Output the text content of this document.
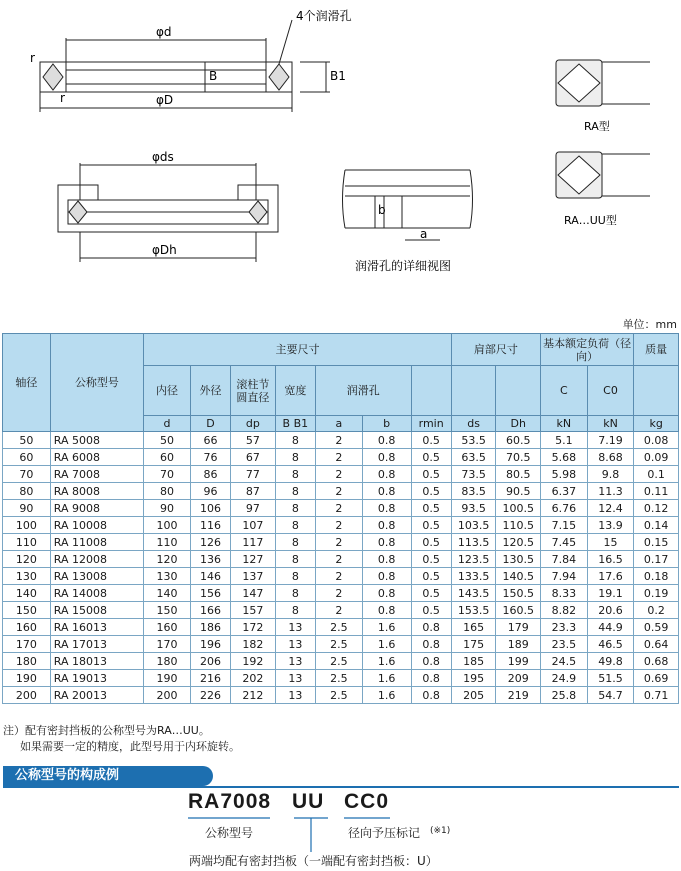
φd
4个润滑孔
r
r
B	B1
φD
φds
φDh
b
a
润滑孔的详细视图
RA型
RA…UU型
单位：mm
轴径	公称型号	主要尺寸							肩部尺寸		基本额定负荷（径向）		质量
		内径	外径	滚柱节圆直径	宽度	润滑孔					C	C0	
		d	D	dp	B B1	a	b	rmin	ds	Dh	kN	kN	kg
50	RA 5008	50	66	57	8	2	0.8	0.5	53.5	60.5	5.1	7.19	0.08
60	RA 6008	60	76	67	8	2	0.8	0.5	63.5	70.5	5.68	8.68	0.09
70	RA 7008	70	86	77	8	2	0.8	0.5	73.5	80.5	5.98	9.8	0.1
80	RA 8008	80	96	87	8	2	0.8	0.5	83.5	90.5	6.37	11.3	0.11
90	RA 9008	90	106	97	8	2	0.8	0.5	93.5	100.5	6.76	12.4	0.12
100	RA 10008	100	116	107	8	2	0.8	0.5	103.5	110.5	7.15	13.9	0.14
110	RA 11008	110	126	117	8	2	0.8	0.5	113.5	120.5	7.45	15	0.15
120	RA 12008	120	136	127	8	2	0.8	0.5	123.5	130.5	7.84	16.5	0.17
130	RA 13008	130	146	137	8	2	0.8	0.5	133.5	140.5	7.94	17.6	0.18
140	RA 14008	140	156	147	8	2	0.8	0.5	143.5	150.5	8.33	19.1	0.19
150	RA 15008	150	166	157	8	2	0.8	0.5	153.5	160.5	8.82	20.6	0.2
160	RA 16013	160	186	172	13	2.5	1.6	0.8	165	179	23.3	44.9	0.59
170	RA 17013	170	196	182	13	2.5	1.6	0.8	175	189	23.5	46.5	0.64
180	RA 18013	180	206	192	13	2.5	1.6	0.8	185	199	24.5	49.8	0.68
190	RA 19013	190	216	202	13	2.5	1.6	0.8	195	209	24.9	51.5	0.69
200	RA 20013	200	226	212	13	2.5	1.6	0.8	205	219	25.8	54.7	0.71
注）配有密封挡板的公称型号为RA…UU。
如果需要一定的精度，此型号用于内环旋转。
公称型号的构成例
RA7008 UU CC0
公称型号	径向予压标记 (※1)
两端均配有密封挡板（一端配有密封挡板：U）
